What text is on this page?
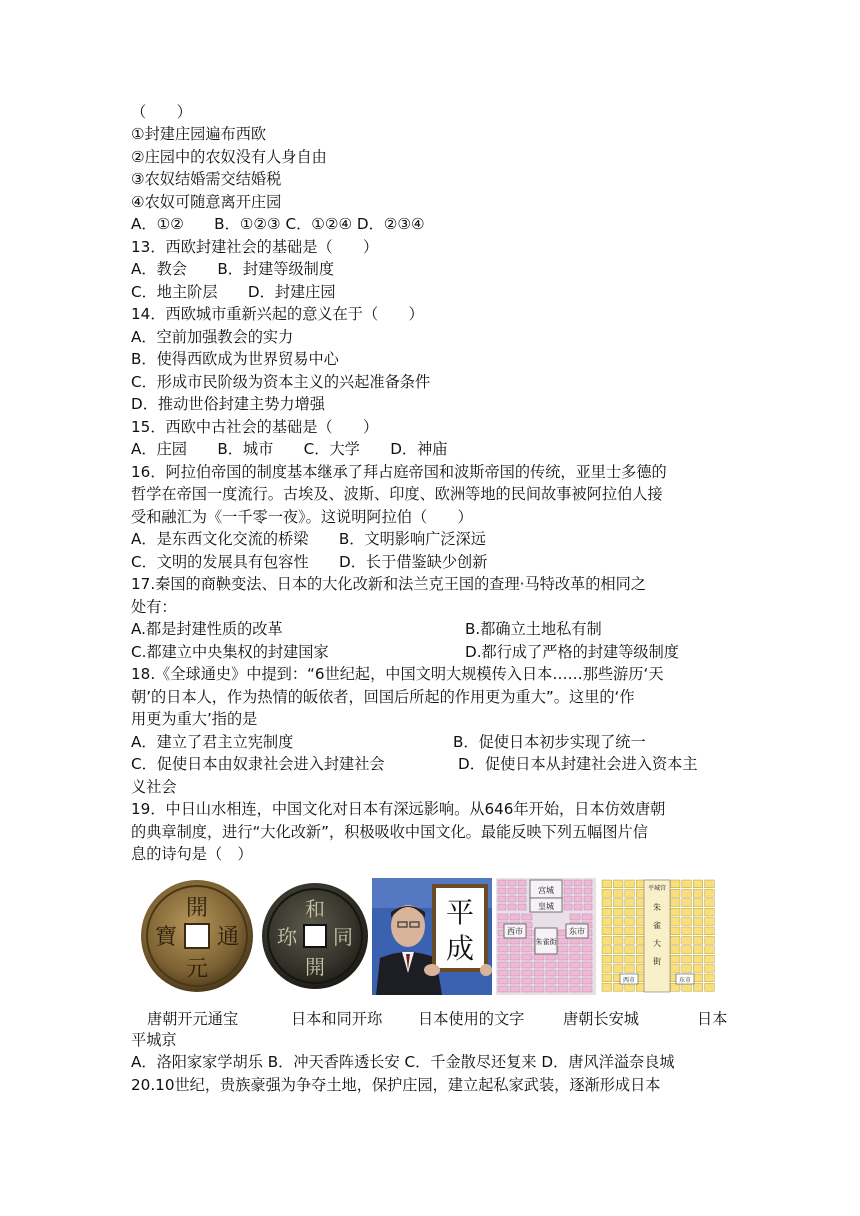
（　　）
①封建庄园遍布西欧
②庄园中的农奴没有人身自由
③农奴结婚需交结婚税
④农奴可随意离开庄园
A．①②　　B．①②③ C．①②④ D．②③④
13．西欧封建社会的基础是（　　）
A．教会　　B．封建等级制度
C．地主阶层　　D．封建庄园
14．西欧城市重新兴起的意义在于（　　）
A．空前加强教会的实力
B．使得西欧成为世界贸易中心
C．形成市民阶级为资本主义的兴起准备条件
D．推动世俗封建主势力增强
15．西欧中古社会的基础是（　　）
A．庄园　　B．城市　　C．大学　　D．神庙
16．阿拉伯帝国的制度基本继承了拜占庭帝国和波斯帝国的传统，亚里士多德的
哲学在帝国一度流行。古埃及、波斯、印度、欧洲等地的民间故事被阿拉伯人接
受和融汇为《一千零一夜》。这说明阿拉伯（　　）
A．是东西文化交流的桥梁　　B．文明影响广泛深远
C．文明的发展具有包容性　　D．长于借鉴缺少创新
17.秦国的商鞅变法、日本的大化改新和法兰克王国的查理·马特改革的相同之
处有：
A.都是封建性质的改革	B.都确立土地私有制
C.都建立中央集权的封建国家	D.都行成了严格的封建等级制度
18.《全球通史》中提到：“6世纪起，中国文明大规模传入日本……那些游历‘天
朝’的日本人，作为热情的皈依者，回国后所起的作用更为重大”。这里的‘作
用更为重大’指的是
A．建立了君主立宪制度	B．促使日本初步实现了统一
C．促使日本由奴隶社会进入封建社会	D．促使日本从封建社会进入资本主
义社会
19．中日山水相连，中国文化对日本有深远影响。从646年开始，日本仿效唐朝
的典章制度，进行“大化改新”，积极吸收中国文化。最能反映下列五幅图片信
息的诗句是（　）
開
通
元
寶
和
同
開
珎
平
成
宫城
皇城
朱雀街
西市	东市
平城宫
朱
雀
大
街
西市	东市
唐朝开元通宝	日本和同开珎 日本使用的文字	唐朝长安城	日本
平城京
A．洛阳家家学胡乐 B．冲天香阵透长安 C．千金散尽还复来 D．唐风洋溢奈良城
20.10世纪，贵族豪强为争夺土地，保护庄园，建立起私家武装，逐渐形成日本
